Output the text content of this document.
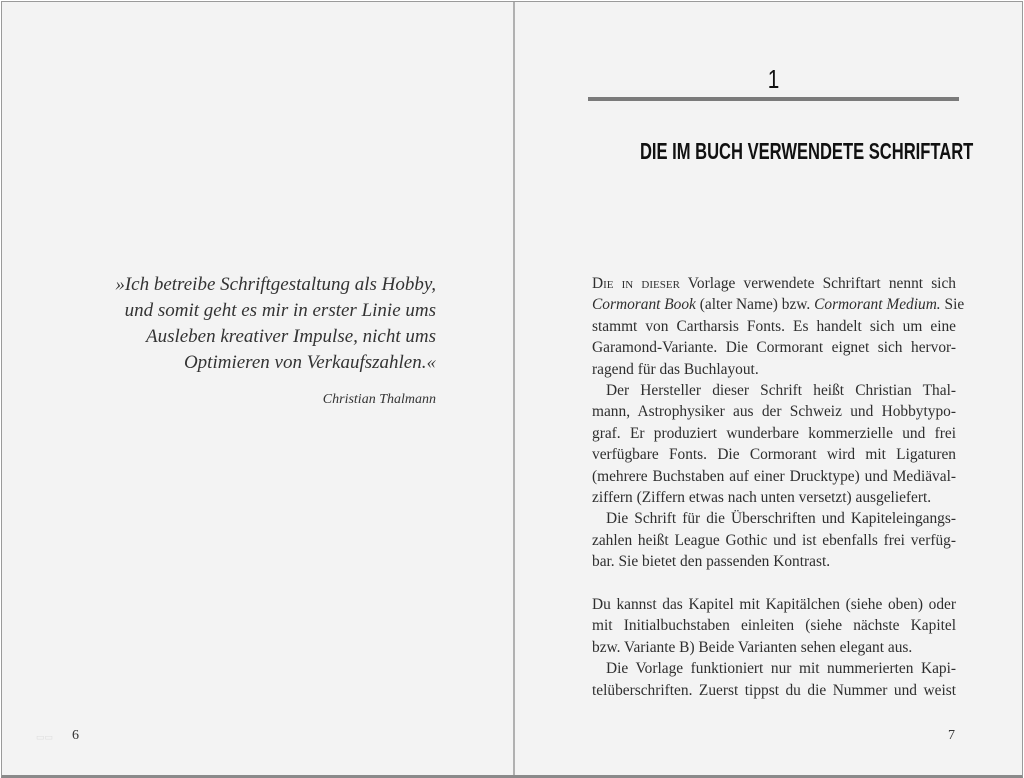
»Ich betreibe Schriftgestaltung als Hobby,
und somit geht es mir in erster Linie ums
Ausleben kreativer Impulse, nicht ums
Optimieren von Verkaufszahlen.«
Christian Thalmann
▭▭ 6
1
DIE IM BUCH VERWENDETE SCHRIFTART
Die in dieser Vorlage verwendete Schriftart nennt sich
Cormorant Book (alter Name) bzw. Cormorant Medium. Sie
stammt von Cartharsis Fonts. Es handelt sich um eine
Garamond-Variante. Die Cormorant eignet sich hervor-
ragend für das Buchlayout.
Der Hersteller dieser Schrift heißt Christian Thal-
mann, Astrophysiker aus der Schweiz und Hobbytypo-
graf. Er produziert wunderbare kommerzielle und frei
verfügbare Fonts. Die Cormorant wird mit Ligaturen
(mehrere Buchstaben auf einer Drucktype) und Mediäval-
ziffern (Ziffern etwas nach unten versetzt) ausgeliefert.
Die Schrift für die Überschriften und Kapiteleingangs-
zahlen heißt League Gothic und ist ebenfalls frei verfüg-
bar. Sie bietet den passenden Kontrast.
Du kannst das Kapitel mit Kapitälchen (siehe oben) oder
mit Initialbuchstaben einleiten (siehe nächste Kapitel
bzw. Variante B) Beide Varianten sehen elegant aus.
Die Vorlage funktioniert nur mit nummerierten Kapi-
telüberschriften. Zuerst tippst du die Nummer und weist
7
